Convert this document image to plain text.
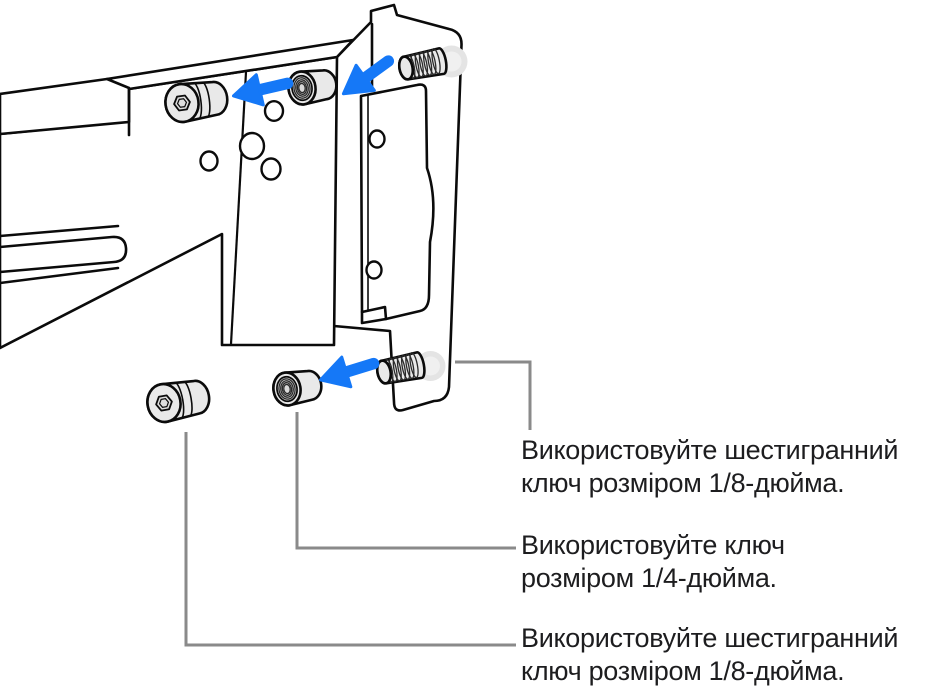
Використовуйте шестигранний
ключ розміром 1/8-дюйма.
Використовуйте ключ
розміром 1/4-дюйма.
Використовуйте шестигранний
ключ розміром 1/8-дюйма.
